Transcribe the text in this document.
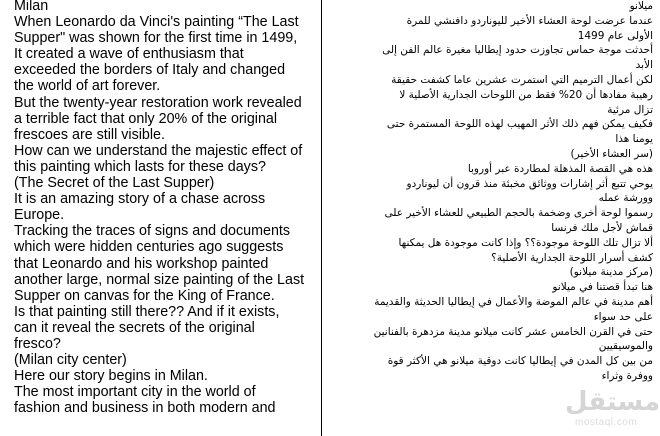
Milan
When Leonardo da Vinci's painting “The Last
Supper" was shown for the first time in 1499,
It created a wave of enthusiasm that
exceeded the borders of Italy and changed
the world of art forever.
But the twenty-year restoration work revealed
a terrible fact that only 20% of the original
frescoes are still visible.
How can we understand the majestic effect of
this painting which lasts for these days?
(The Secret of the Last Supper)
It is an amazing story of a chase across
Europe.
Tracking the traces of signs and documents
which were hidden centuries ago suggests
that Leonardo and his workshop painted
another large, normal size painting of the Last
Supper on canvas for the King of France.
Is that painting still there?? And if it exists,
can it reveal the secrets of the original
fresco?
(Milan city center)
Here our story begins in Milan.
The most important city in the world of
fashion and business in both modern and
ميلانو
عندما عرضت لوحة العشاء الأخير لليوناردو دافنشي للمرة
الأولى عام 1499
أحدثت موجة حماس تجاوزت حدود إيطاليا مغيرة عالم الفن إلى
الأبد
لكن أعمال الترميم التي استمرت عشرين عاما كشفت حقيقة
رهيبة مفادها أن 20% فقط من اللوحات الجدارية الأصلية لا
تزال مرئية
فكيف يمكن فهم ذلك الأثر المهيب لهذه اللوحة المستمرة حتى
يومنا هذا
(سر العشاء الأخير)
هذه هي القصة المذهلة لمطاردة عبر أوروبا
يوحي تتبع أثر إشارات ووثائق مخبئة منذ قرون أن ليوناردو
وورشة عمله
رسموا لوحة أخرى وضخمة بالحجم الطبيعي للعشاء الأخير على
قماش لأجل ملك فرنسا
ألا تزال تلك اللوحة موجودة؟؟ وإذا كانت موجودة هل يمكنها
كشف أسرار اللوحة الجدارية الأصلية؟
(مركز مدينة ميلانو)
هنا تبدأ قصتنا في ميلانو
أهم مدينة في عالم الموضة والأعمال في إيطاليا الحديثة والقديمة
على حد سواء
حتى في القرن الخامس عشر كانت ميلانو مدينة مزدهرة بالفنانين
والموسيقيين
من بين كل المدن في إيطاليا كانت دوقية ميلانو هي الأكثر قوة
ووفرة وثراء
مستقل
mostaql.com
